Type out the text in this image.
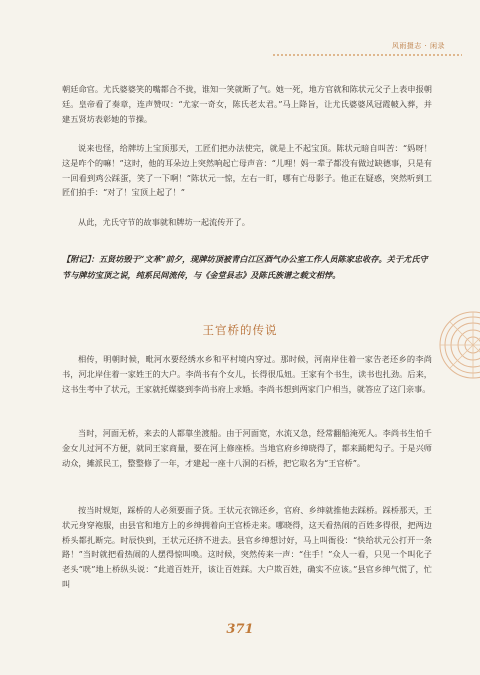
风雨摄志 · 闲录
朝廷命官。尤氏婆婆笑的嘴都合不拢，谁知一笑就断了气。她一死，地方官就和陈状元父子上表申报朝廷。皇帝看了奏章，连声赞叹：“尤家一奇女，陈氏老太君。”马上降旨，让尤氏婆婆风冠霞帔入葬，并建五贤坊表彰她的节操。
说来也怪，给牌坊上宝顶那天，工匠们把办法使完，就是上不起宝顶。陈状元暗自叫苦：“妈呀！这是咋个的嘛！”这时，他的耳朵边上突然响起亡母声音：“儿哩！妈一辈子都没有做过缺德事，只是有一回看到鸡公踩蛋，笑了一下啊！”陈状元一惊，左右一盯，哪有亡母影子。他正在疑惑，突然听到工匠们拍手：“对了！宝顶上起了！”
从此，尤氏守节的故事就和牌坊一起流传开了。
【附记】：五贤坊毁于“文革”前夕，现牌坊顶被青白江区酒气办公室工作人员陈家忠收存。关于尤氏守节与牌坊宝顶之说，纯系民间流传，与《金堂县志》及陈氏族谱之载文相悖。
王官桥的传说
相传，明朝时候，毗河水要经绣水乡和平村境内穿过。那时候，河南岸住着一家告老还乡的李尚书，河北岸住着一家姓王的大户。李尚书有个女儿，长得很瓜妞。王家有个书生，读书也扎劲。后来，这书生考中了状元，王家就托媒婆到李尚书府上求婚。李尚书想到两家门户相当，就答应了这门亲事。
当时，河面无桥，来去的人都靠坐渡船。由于河面宽，水流又急，经常翻船淹死人。李尚书生怕千金女儿过河不方便，就同王家商量，要在河上修座桥。当地官府乡绅晓得了，都来踊耙勾子。于是兴师动众，摊派民工，整整修了一年，才建起一座十八洞的石桥，把它取名为“王官桥”。
按当时规矩，踩桥的人必须要面子货。王状元衣锦还乡，官府、乡绅就推他去踩桥。踩桥那天，王状元身穿袍服，由县官和地方上的乡绅拥着向王官桥走来。哪晓得，这天看热闹的百姓多得很，把两边桥头都扎断完。时辰快到，王状元还挤不进去。县官乡绅想讨好，马上叫衙役：“快给状元公打开一条路！”当时就把看热闹的人摆得惊叫唤。这时候，突然传来一声：“住手！”众人一看，只见一个叫化子老头“咣”地上桥纵头说：“此道百姓开，该让百姓踩。大户欺百姓，确实不应该。”县官乡绅气慌了，忙叫
371
